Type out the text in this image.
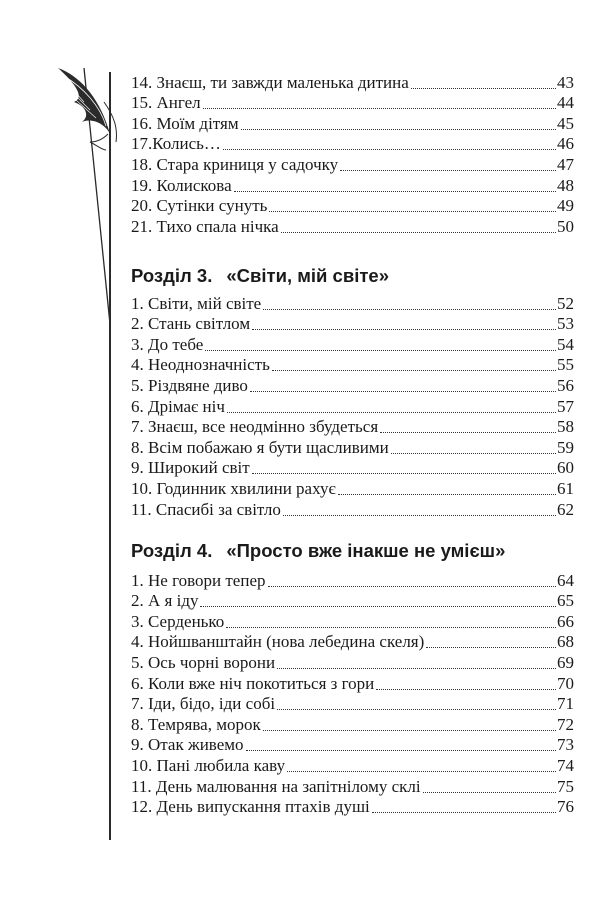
14. Знаєш, ти завжди маленька дитина	43
15. Ангел	44
16. Моїм дітям	45
17.Колись…	46
18. Стара криниця у садочку	47
19. Колискова	48
20. Сутінки сунуть	49
21. Тихо спала нічка	50
Розділ 3. «Світи, мій світе»
1. Світи, мій світе	52
2. Стань світлом	53
3. До тебе	54
4. Неоднозначність	55
5. Різдвяне диво	56
6. Дрімає ніч	57
7. Знаєш, все неодмінно збудеться	58
8. Всім побажаю я бути щасливими	59
9. Широкий світ	60
10. Годинник хвилини рахує	61
11. Спасибі за світло	62
Розділ 4. «Просто вже інакше не умієш»
1. Не говори тепер	64
2. А я іду	65
3. Серденько	66
4. Нойшванштайн (нова лебедина скеля)	68
5. Ось чорні ворони	69
6. Коли вже ніч покотиться з гори	70
7. Іди, бідо, іди собі	71
8. Темрява, морок	72
9. Отак живемо	73
10. Пані любила каву	74
11. День малювання на запітнілому склі	75
12. День випускання птахів душі	76
